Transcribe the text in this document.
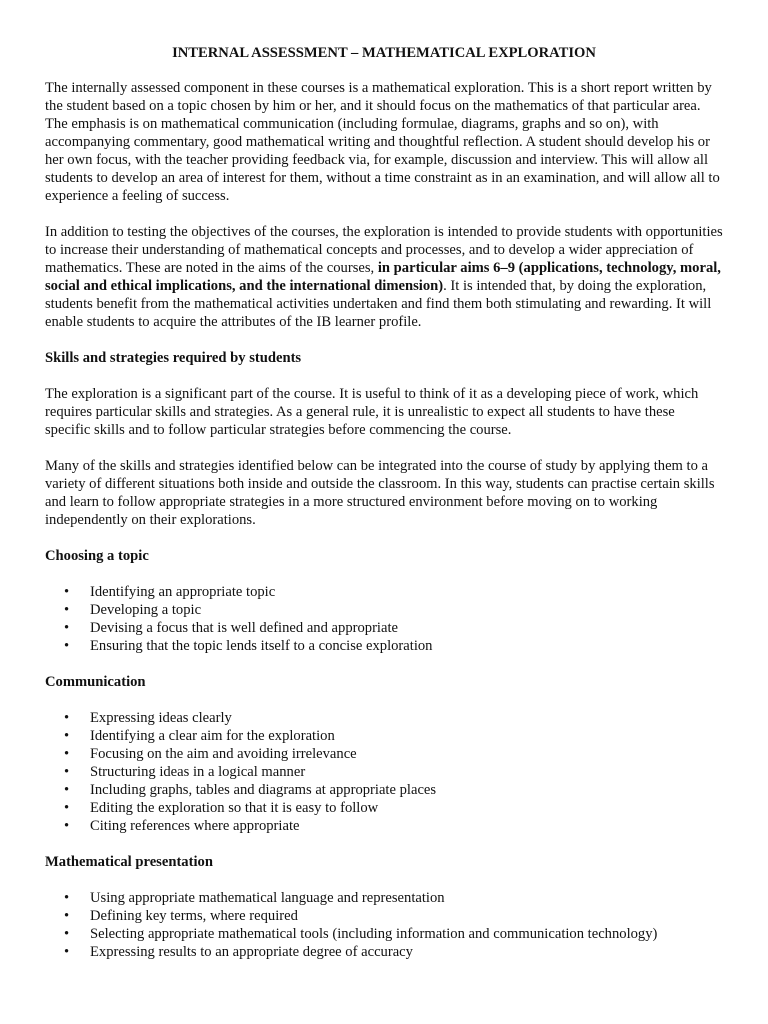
INTERNAL ASSESSMENT – MATHEMATICAL EXPLORATION

The internally assessed component in these courses is a mathematical exploration. This is a short report written by the student based on a topic chosen by him or her, and it should focus on the mathematics of that particular area. The emphasis is on mathematical communication (including formulae, diagrams, graphs and so on), with accompanying commentary, good mathematical writing and thoughtful reflection. A student should develop his or her own focus, with the teacher providing feedback via, for example, discussion and interview. This will allow all students to develop an area of interest for them, without a time constraint as in an examination, and will allow all to experience a feeling of success.

In addition to testing the objectives of the courses, the exploration is intended to provide students with opportunities to increase their understanding of mathematical concepts and processes, and to develop a wider appreciation of mathematics. These are noted in the aims of the courses, in particular aims 6–9 (applications, technology, moral, social and ethical implications, and the international dimension). It is intended that, by doing the exploration, students benefit from the mathematical activities undertaken and find them both stimulating and rewarding. It will enable students to acquire the attributes of the IB learner profile.

Skills and strategies required by students

The exploration is a significant part of the course. It is useful to think of it as a developing piece of work, which requires particular skills and strategies. As a general rule, it is unrealistic to expect all students to have these specific skills and to follow particular strategies before commencing the course.

Many of the skills and strategies identified below can be integrated into the course of study by applying them to a variety of different situations both inside and outside the classroom. In this way, students can practise certain skills and learn to follow appropriate strategies in a more structured environment before moving on to working independently on their explorations.

Choosing a topic
• Identifying an appropriate topic
• Developing a topic
• Devising a focus that is well defined and appropriate
• Ensuring that the topic lends itself to a concise exploration
Communication
• Expressing ideas clearly
• Identifying a clear aim for the exploration
• Focusing on the aim and avoiding irrelevance
• Structuring ideas in a logical manner
• Including graphs, tables and diagrams at appropriate places
• Editing the exploration so that it is easy to follow
• Citing references where appropriate
Mathematical presentation
• Using appropriate mathematical language and representation
• Defining key terms, where required
• Selecting appropriate mathematical tools (including information and communication technology)
• Expressing results to an appropriate degree of accuracy
